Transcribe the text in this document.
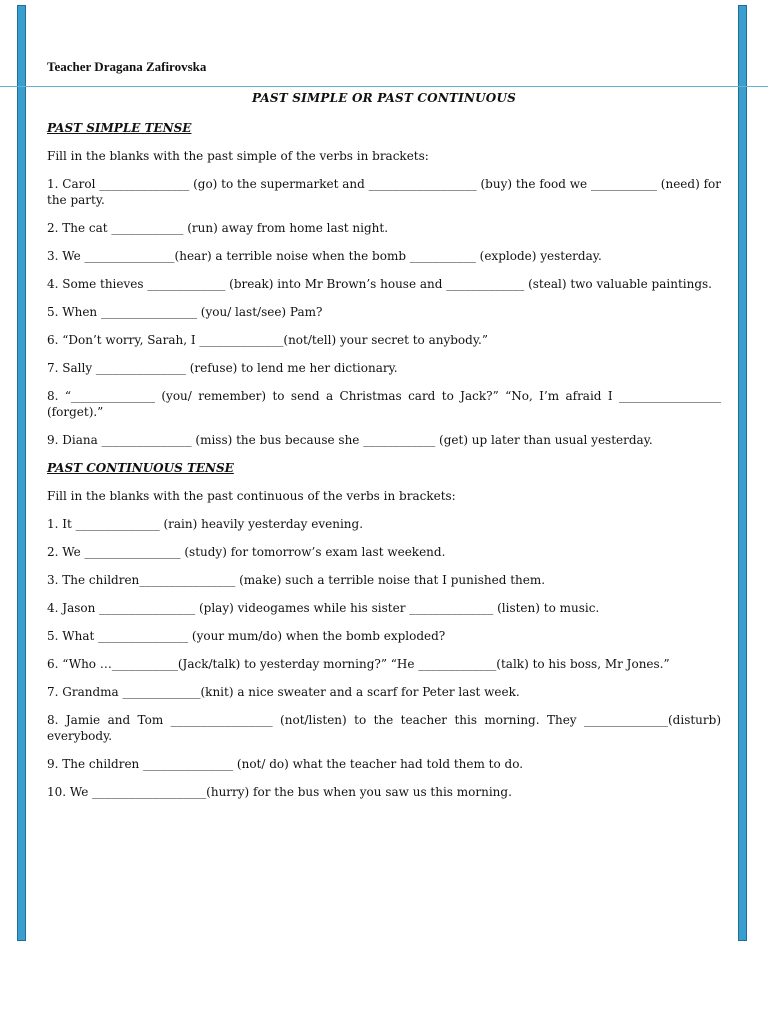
Teacher Dragana Zafirovska
PAST SIMPLE OR PAST CONTINUOUS
PAST SIMPLE TENSE
Fill in the blanks with the past simple of the verbs in brackets:
1. Carol _______________ (go) to the supermarket and __________________ (buy) the food we ___________ (need) for the party.
2. The cat ____________ (run) away from home last night.
3. We _______________(hear) a terrible noise when the bomb ___________ (explode) yesterday.
4. Some thieves _____________ (break) into Mr Brown’s house and _____________ (steal) two valuable paintings.
5. When ________________ (you/ last/see) Pam?
6. “Don’t worry, Sarah, I ______________(not/tell) your secret to anybody.”
7. Sally _______________ (refuse) to lend me her dictionary.
8. “______________ (you/ remember) to send a Christmas card to Jack?” “No, I’m afraid I _________________ (forget).”
9. Diana _______________ (miss) the bus because she ____________ (get) up later than usual yesterday.
PAST CONTINUOUS TENSE
Fill in the blanks with the past continuous of the verbs in brackets:
1. It ______________ (rain) heavily yesterday evening.
2. We ________________ (study) for tomorrow’s exam last weekend.
3. The children________________ (make) such a terrible noise that I punished them.
4. Jason ________________ (play) videogames while his sister ______________ (listen) to music.
5. What _______________ (your mum/do) when the bomb exploded?
6. “Who …___________(Jack/talk) to yesterday morning?” “He _____________(talk) to his boss, Mr Jones.”
7. Grandma _____________(knit) a nice sweater and a scarf for Peter last week.
8. Jamie and Tom _________________ (not/listen) to the teacher this morning. They ______________(disturb) everybody.
9. The children _______________ (not/ do) what the teacher had told them to do.
10. We ___________________(hurry) for the bus when you saw us this morning.
